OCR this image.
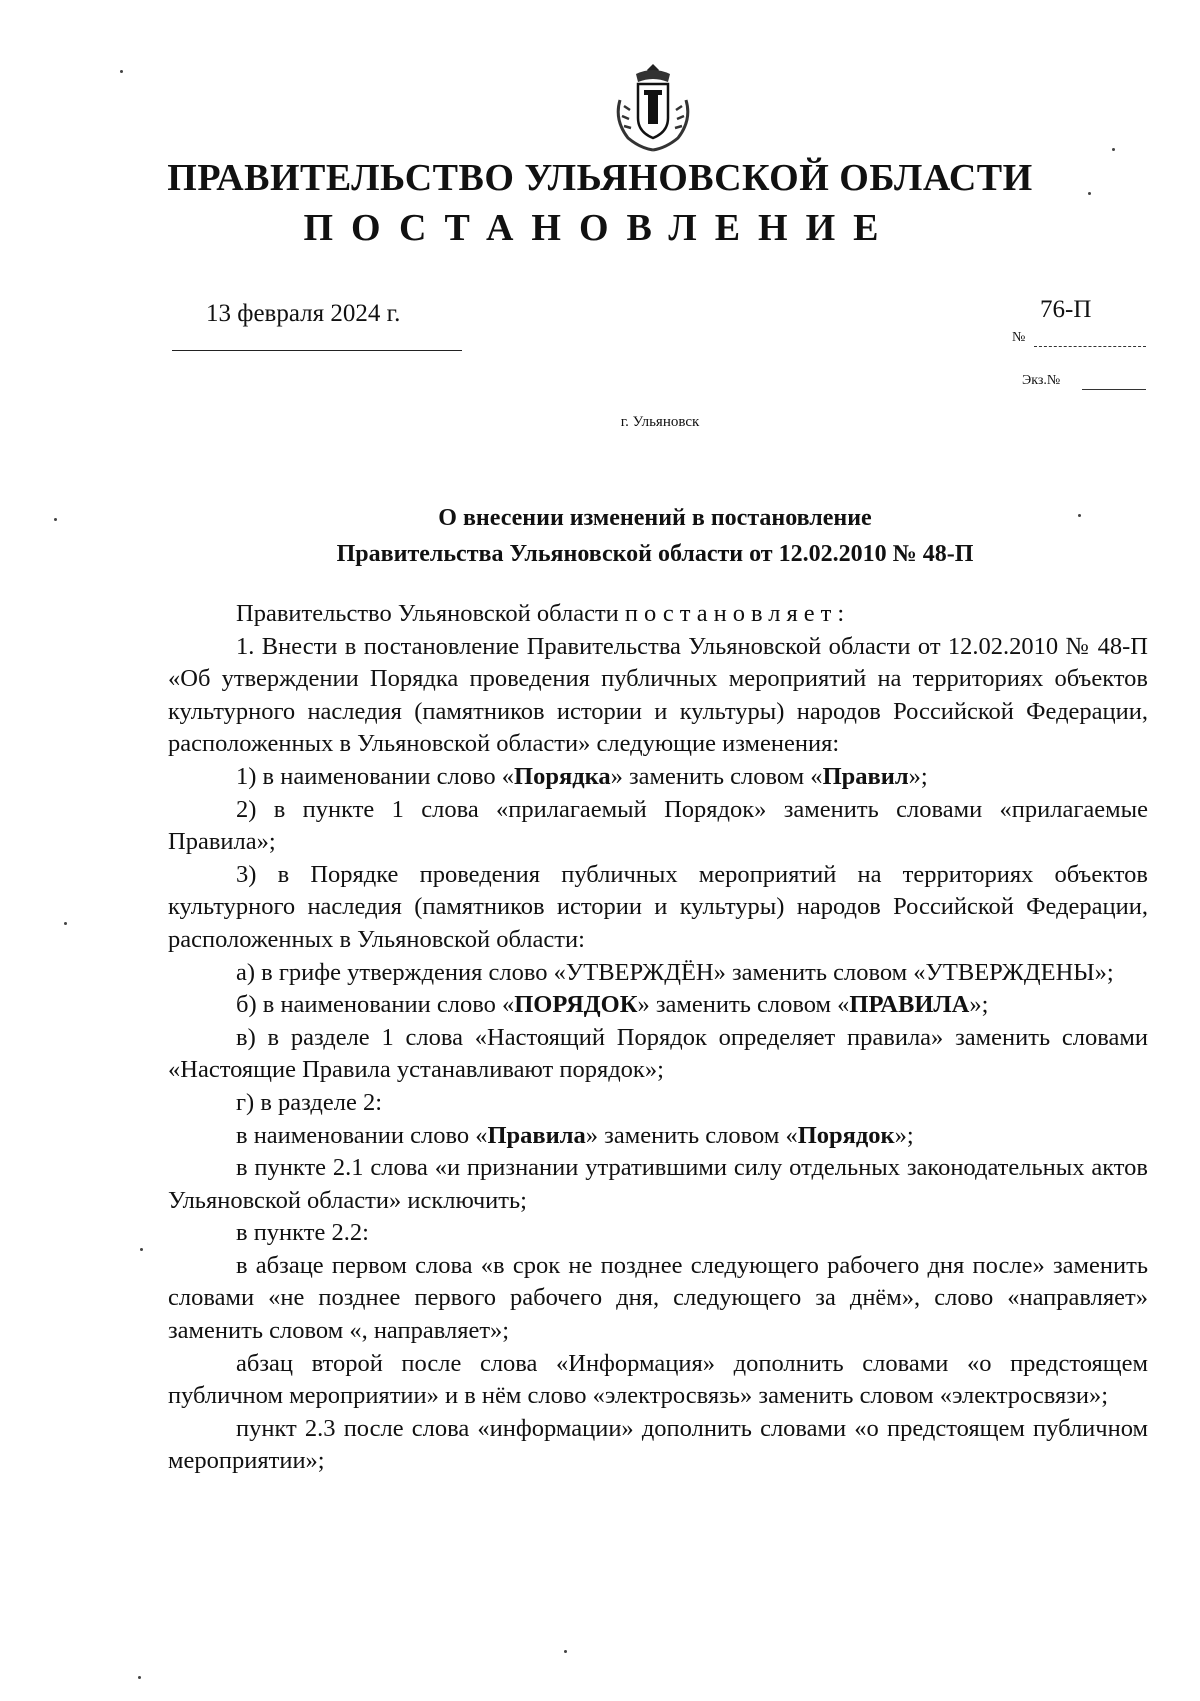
ПРАВИТЕЛЬСТВО УЛЬЯНОВСКОЙ ОБЛАСТИ
ПОСТАНОВЛЕНИЕ
13 февраля 2024 г.	76-П
№
Экз.№
г. Ульяновск
О внесении изменений в постановление
Правительства Ульяновской области от 12.02.2010 № 48-П

Правительство Ульяновской области постановляет:

1. Внести в постановление Правительства Ульяновской области от 12.02.2010 № 48-П «Об утверждении Порядка проведения публичных мероприятий на территориях объектов культурного наследия (памятников истории и культуры) народов Российской Федерации, расположенных в Ульяновской области» следующие изменения:

1) в наименовании слово «Порядка» заменить словом «Правил»;

2) в пункте 1 слова «прилагаемый Порядок» заменить словами «прилагаемые Правила»;

3) в Порядке проведения публичных мероприятий на территориях объектов культурного наследия (памятников истории и культуры) народов Российской Федерации, расположенных в Ульяновской области:

а) в грифе утверждения слово «УТВЕРЖДЁН» заменить словом «УТВЕРЖДЕНЫ»;

б) в наименовании слово «ПОРЯДОК» заменить словом «ПРАВИЛА»;

в) в разделе 1 слова «Настоящий Порядок определяет правила» заменить словами «Настоящие Правила устанавливают порядок»;

г) в разделе 2:

в наименовании слово «Правила» заменить словом «Порядок»;

в пункте 2.1 слова «и признании утратившими силу отдельных законодательных актов Ульяновской области» исключить;

в пункте 2.2:

в абзаце первом слова «в срок не позднее следующего рабочего дня после» заменить словами «не позднее первого рабочего дня, следующего за днём», слово «направляет» заменить словом «, направляет»;

абзац второй после слова «Информация» дополнить словами «о предстоящем публичном мероприятии» и в нём слово «электросвязь» заменить словом «электросвязи»;

пункт 2.3 после слова «информации» дополнить словами «о предстоящем публичном мероприятии»;
